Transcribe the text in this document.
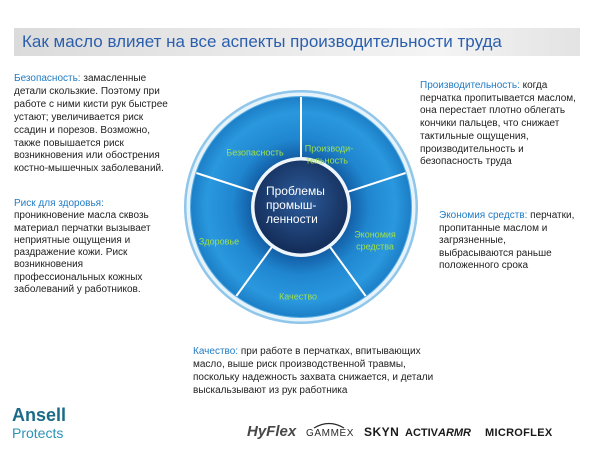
Как масло влияет на все аспекты производительности труда
Безопасность: замасленные
детали скользкие. Поэтому при
работе с ними кисти рук быстрее
устают; увеличивается риск
ссадин и порезов. Возможно,
также повышается риск
возникновения или обострения
костно-мышечных заболеваний.
Риск для здоровья:
проникновение масла сквозь
материал перчатки вызывает
неприятные ощущения и
раздражение кожи. Риск
возникновения
профессиональных кожных
заболеваний у работников.
Производительность: когда
перчатка пропитывается маслом,
она перестает плотно облегать
кончики пальцев, что снижает
тактильные ощущения,
производительность и
безопасность труда
Экономия средств: перчатки,
пропитанные маслом и
загрязненные,
выбрасываются раньше
положенного срока
Качество: при работе в перчатках, впитывающих
масло, выше риск производственной травмы,
поскольку надежность захвата снижается, и детали
выскальзывают из рук работника
Безопасность Производи-
тельность
Экономия
средства
Качество
Здоровье
Проблемы
промыш-
ленности
Ansell
Protects	HyFlex GAMMEX SKYN ACTIVARMR MICROFLEX
